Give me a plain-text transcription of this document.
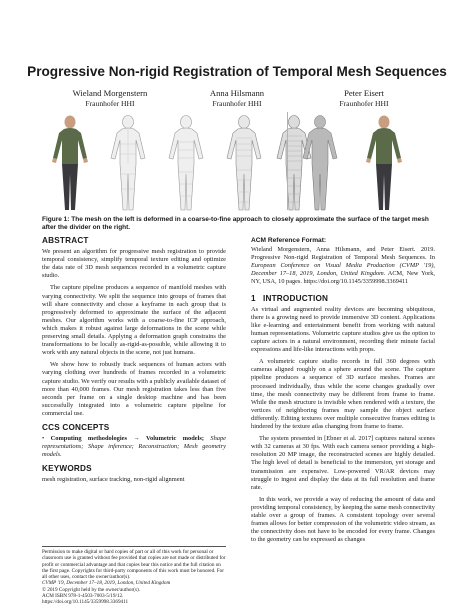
Progressive Non-rigid Registration of Temporal Mesh Sequences
Wieland Morgenstern
Fraunhofer HHI
Anna Hilsmann
Fraunhofer HHI
Peter Eisert
Fraunhofer HHI
Figure 1: The mesh on the left is deformed in a coarse-to-fine approach to closely approximate the surface of the target mesh after the divider on the right.
ABSTRACT

We present an algorithm for progressive mesh registration to provide temporal consistency, simplify temporal texture editing and optimize the data rate of 3D mesh sequences recorded in a volumetric capture studio.

The capture pipeline produces a sequence of manifold meshes with varying connectivity. We split the sequence into groups of frames that will share connectivity and chose a keyframe in each group that is progressively deformed to approximate the surface of the adjacent meshes. Our algorithm works with a coarse-to-fine ICP approach, which makes it robust against large deformations in the scene while preserving small details. Applying a deformation graph constrains the transformations to be locally as-rigid-as-possible, while allowing it to work with any natural objects in the scene, not just humans.

We show how to robustly track sequences of human actors with varying clothing over hundreds of frames recorded in a volumetric capture studio. We verify our results with a publicly available dataset of more than 40,000 frames. Our mesh registration takes less than five seconds per frame on a single desktop machine and has been successfully integrated into a volumetric capture pipeline for commercial use.

CCS CONCEPTS

• Computing methodologies → Volumetric models; Shape representations; Shape inference; Reconstruction; Mesh geometry models.

KEYWORDS

mesh registration, surface tracking, non-rigid alignment

Permission to make digital or hard copies of part or all of this work for personal or classroom use is granted without fee provided that copies are not made or distributed for profit or commercial advantage and that copies bear this notice and the full citation on the first page. Copyrights for third-party components of this work must be honored. For all other uses, contact the owner/author(s).
CVMP '19, December 17–18, 2019, London, United Kingdom
© 2019 Copyright held by the owner/author(s).
ACM ISBN 978-1-4503-7003-5/19/12.
https://doi.org/10.1145/3359998.3369411
ACM Reference Format:
Wieland Morgenstern, Anna Hilsmann, and Peter Eisert. 2019. Progressive Non-rigid Registration of Temporal Mesh Sequences. In European Conference on Visual Media Production (CVMP '19), December 17–18, 2019, London, United Kingdom. ACM, New York, NY, USA, 10 pages. https://doi.org/10.1145/3359998.3369411
1 INTRODUCTION

As virtual and augmented reality devices are becoming ubiquitous, there is a growing need to provide immersive 3D content. Applications like e-learning and entertainment benefit from working with natural human representations. Volumetric capture studios give us the option to capture actors in a natural environment, recording their minute facial expressions and life-like interactions with props.

A volumetric capture studio records in full 360 degrees with cameras aligned roughly on a sphere around the scene. The capture pipeline produces a sequence of 3D surface meshes. Frames are processed individually, thus while the scene changes gradually over time, the mesh connectivity may be different from frame to frame. While the mesh structure is invisible when rendered with a texture, the vertices of neighboring frames may sample the object surface differently. Editing textures over multiple consecutive frames editing is hindered by the texture atlas changing from frame to frame.

The system presented in [Ebner et al. 2017] captures natural scenes with 32 cameras at 30 fps. With each camera sensor providing a high-resolution 20 MP image, the reconstructed scenes are highly detailed. The high level of detail is beneficial to the immersion, yet storage and transmission are expensive. Low-powered VR/AR devices may struggle to ingest and display the data at its full resolution and frame rate.

In this work, we provide a way of reducing the amount of data and providing temporal consistency, by keeping the same mesh connectivity stable over a group of frames. A consistent topology over several frames allows for better compression of the volumetric video stream, as the connectivity does not have to be encoded for every frame. Changes to the geometry can be expressed as changes
